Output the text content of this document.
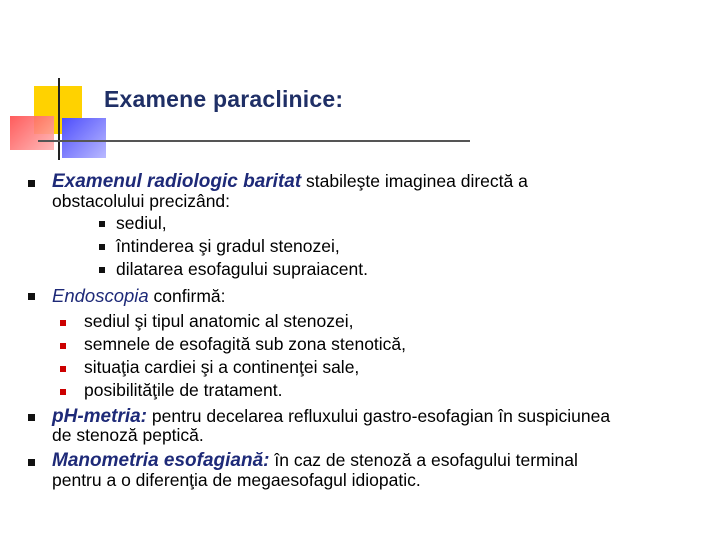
Examene paraclinice:
Examenul radiologic baritat stabileşte imaginea directă a
obstacolului precizând:
sediul,
întinderea şi gradul stenozei,
dilatarea esofagului supraiacent.
Endoscopia confirmă:
sediul şi tipul anatomic al stenozei,
semnele de esofagită sub zona stenotică,
situaţia cardiei şi a continenţei sale,
posibilităţile de tratament.
pH-metria: pentru decelarea refluxului gastro-esofagian în suspiciunea
de stenoză peptică.
Manometria esofagiană: în caz de stenoză a esofagului terminal
pentru a o diferenţia de megaesofagul idiopatic.
